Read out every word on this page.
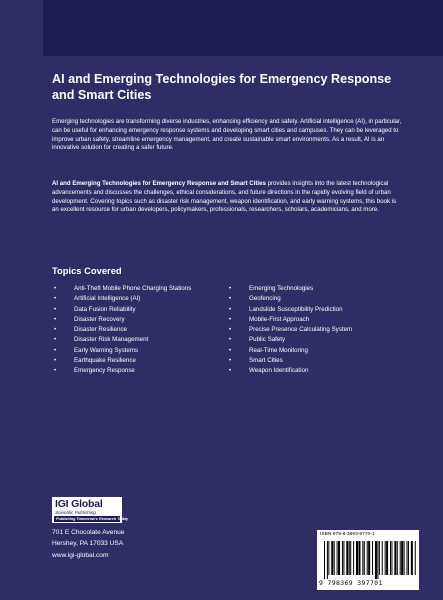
AI and Emerging Technologies for Emergency Response and Smart Cities

Emerging technologies are transforming diverse industries, enhancing efficiency and safety. Artificial intelligence (AI), in particular, can be useful for enhancing emergency response systems and developing smart cities and campuses. They can be leveraged to improve urban safety, streamline emergency management, and create sustainable smart environments. As a result, AI is an innovative solution for creating a safer future.

AI and Emerging Technologies for Emergency Response and Smart Cities provides insights into the latest technological advancements and discusses the challenges, ethical considerations, and future directions in the rapidly evolving field of urban development. Covering topics such as disaster risk management, weapon identification, and early warning systems, this book is an excellent resource for urban developers, policymakers, professionals, researchers, scholars, academicians, and more.

Topics Covered
•	Anti-Theft Mobile Phone Charging Stations
•	Artificial Intelligence (AI)
•	Data Fusion Reliability
•	Disaster Recovery
•	Disaster Resilience
•	Disaster Risk Management
•	Early Warning Systems
•	Earthquake Resilience
•	Emergency Response
•	Emerging Technologies
•	Geofencing
•	Landslide Susceptibility Prediction
•	Mobile-First Approach
•	Precise Presence Calculating System
•	Public Safety
•	Real-Time Monitoring
•	Smart Cities
•	Weapon Identification
IGI Global
Scientific Publishing
Publishing Tomorrow's Research Today
701 E Chocolate Avenue
Hershey, PA 17033 USA
www.igi-global.com
ISBN 979-8-3693-9770-1
9 798369 397701
